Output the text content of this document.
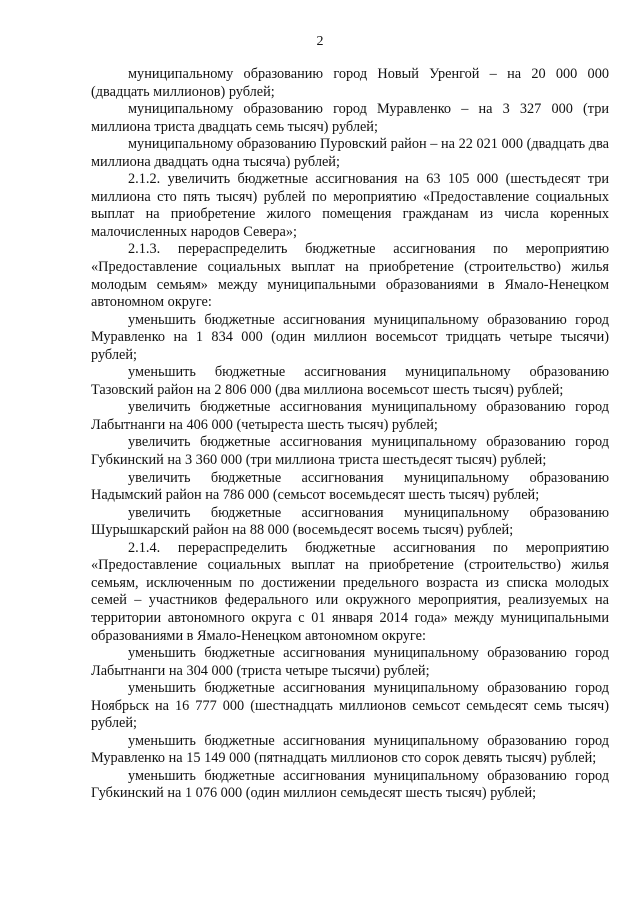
2

муниципальному образованию город Новый Уренгой – на 20 000 000 (двадцать миллионов) рублей;

муниципальному образованию город Муравленко – на 3 327 000 (три миллиона триста двадцать семь тысяч) рублей;

муниципальному образованию Пуровский район – на 22 021 000 (двадцать два миллиона двадцать одна тысяча) рублей;

2.1.2. увеличить бюджетные ассигнования на 63 105 000 (шестьдесят три миллиона сто пять тысяч) рублей по мероприятию «Предоставление социальных выплат на приобретение жилого помещения гражданам из числа коренных малочисленных народов Севера»;

2.1.3. перераспределить бюджетные ассигнования по мероприятию «Предоставление социальных выплат на приобретение (строительство) жилья молодым семьям» между муниципальными образованиями в Ямало-Ненецком автономном округе:

уменьшить бюджетные ассигнования муниципальному образованию город Муравленко на 1 834 000 (один миллион восемьсот тридцать четыре тысячи) рублей;

уменьшить бюджетные ассигнования муниципальному образованию Тазовский район на 2 806 000 (два миллиона восемьсот шесть тысяч) рублей;

увеличить бюджетные ассигнования муниципальному образованию город Лабытнанги на 406 000 (четыреста шесть тысяч) рублей;

увеличить бюджетные ассигнования муниципальному образованию город Губкинский на 3 360 000 (три миллиона триста шестьдесят тысяч) рублей;

увеличить бюджетные ассигнования муниципальному образованию Надымский район на 786 000 (семьсот восемьдесят шесть тысяч) рублей;

увеличить бюджетные ассигнования муниципальному образованию Шурышкарский район на 88 000 (восемьдесят восемь тысяч) рублей;

2.1.4. перераспределить бюджетные ассигнования по мероприятию «Предоставление социальных выплат на приобретение (строительство) жилья семьям, исключенным по достижении предельного возраста из списка молодых семей – участников федерального или окружного мероприятия, реализуемых на территории автономного округа с 01 января 2014 года» между муниципальными образованиями в Ямало-Ненецком автономном округе:

уменьшить бюджетные ассигнования муниципальному образованию город Лабытнанги на 304 000 (триста четыре тысячи) рублей;

уменьшить бюджетные ассигнования муниципальному образованию город Ноябрьск на 16 777 000 (шестнадцать миллионов семьсот семьдесят семь тысяч) рублей;

уменьшить бюджетные ассигнования муниципальному образованию город Муравленко на 15 149 000 (пятнадцать миллионов сто сорок девять тысяч) рублей;

уменьшить бюджетные ассигнования муниципальному образованию город Губкинский на 1 076 000 (один миллион семьдесят шесть тысяч) рублей;
